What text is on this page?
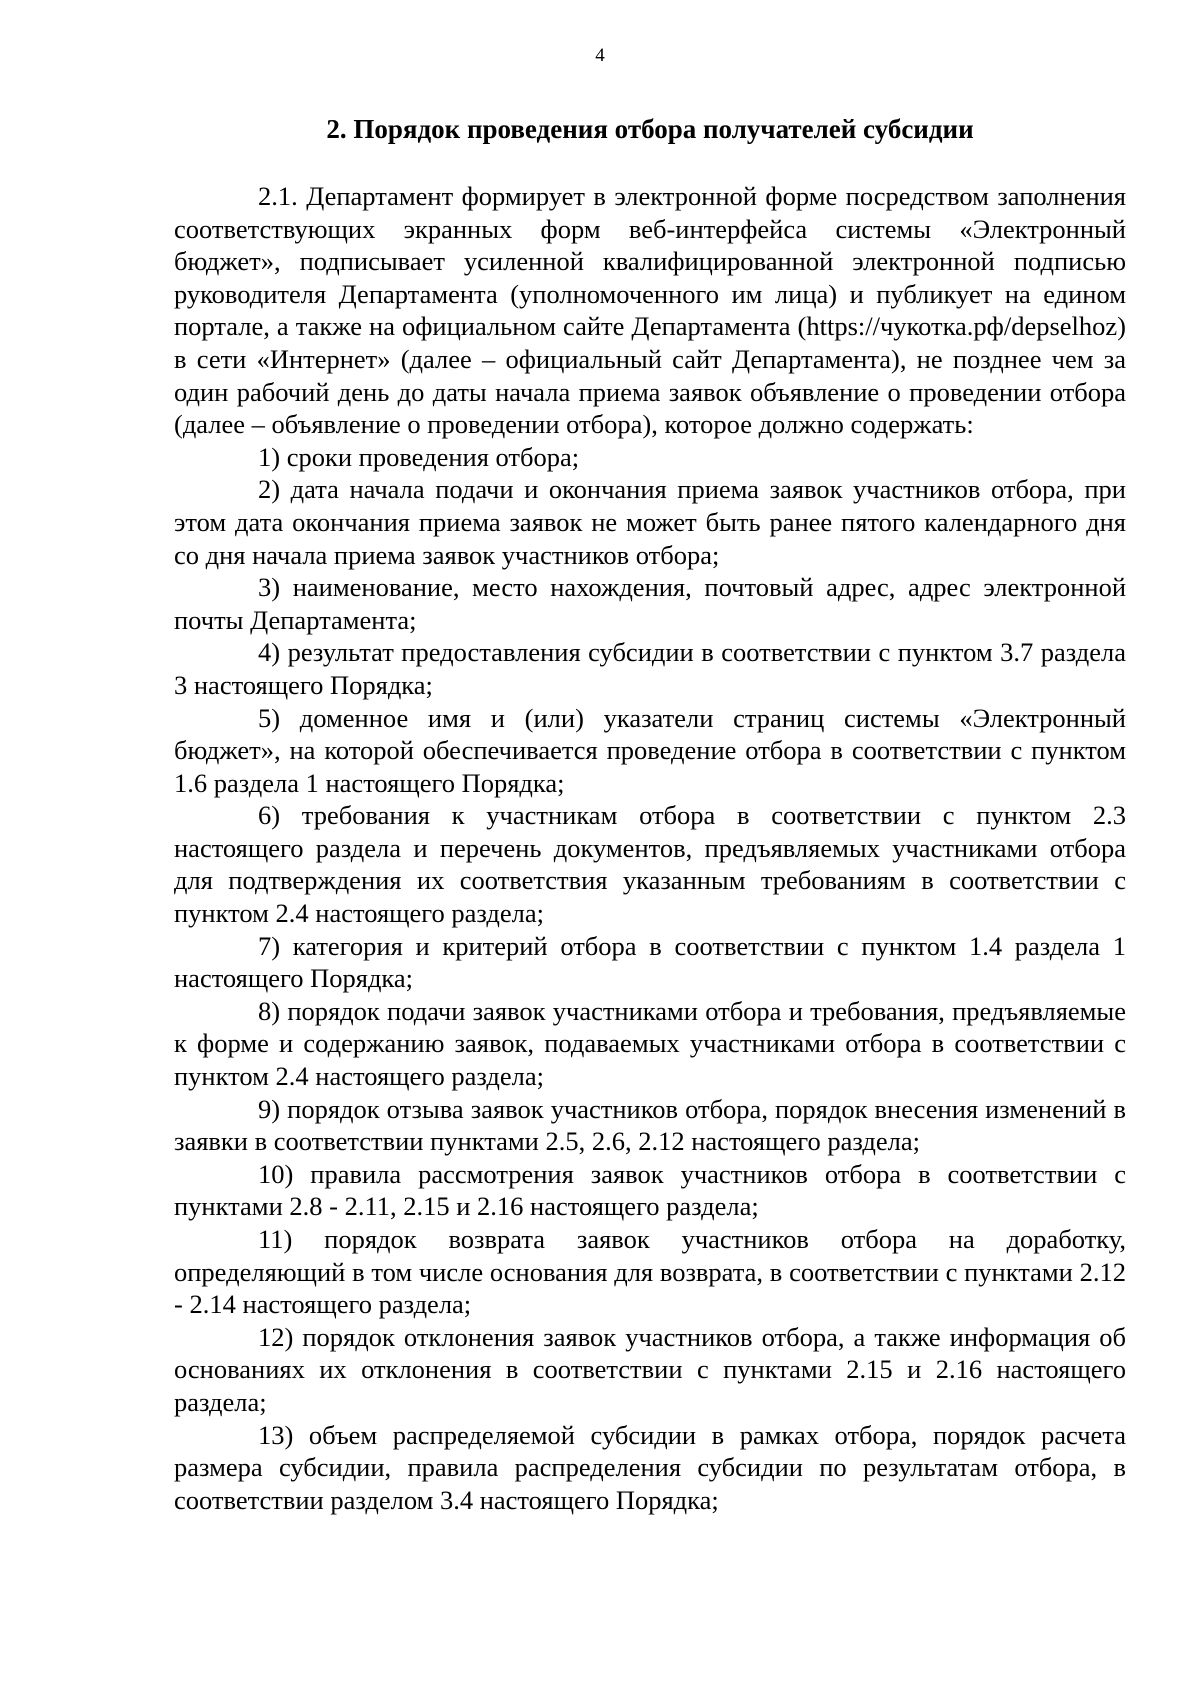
4
2. Порядок проведения отбора получателей субсидии

2.1. Департамент формирует в электронной форме посредством заполнения соответствующих экранных форм веб-интерфейса системы «Электронный бюджет», подписывает усиленной квалифицированной электронной подписью руководителя Департамента (уполномоченного им лица) и публикует на едином портале, а также на официальном сайте Департамента (https://чукотка.рф/depselhoz) в сети «Интернет» (далее – официальный сайт Департамента), не позднее чем за один рабочий день до даты начала приема заявок объявление о проведении отбора (далее – объявление о проведении отбора), которое должно содержать:

1) сроки проведения отбора;

2) дата начала подачи и окончания приема заявок участников отбора, при этом дата окончания приема заявок не может быть ранее пятого календарного дня со дня начала приема заявок участников отбора;

3) наименование, место нахождения, почтовый адрес, адрес электронной почты Департамента;

4) результат предоставления субсидии в соответствии с пунктом 3.7 раздела 3 настоящего Порядка;

5) доменное имя и (или) указатели страниц системы «Электронный бюджет», на которой обеспечивается проведение отбора в соответствии с пунктом 1.6 раздела 1 настоящего Порядка;

6) требования к участникам отбора в соответствии с пунктом 2.3 настоящего раздела и перечень документов, предъявляемых участниками отбора для подтверждения их соответствия указанным требованиям в соответствии с пунктом 2.4 настоящего раздела;

7) категория и критерий отбора в соответствии с пунктом 1.4 раздела 1 настоящего Порядка;

8) порядок подачи заявок участниками отбора и требования, предъявляемые к форме и содержанию заявок, подаваемых участниками отбора в соответствии с пунктом 2.4 настоящего раздела;

9) порядок отзыва заявок участников отбора, порядок внесения изменений в заявки в соответствии пунктами 2.5, 2.6, 2.12 настоящего раздела;

10) правила рассмотрения заявок участников отбора в соответствии с пунктами 2.8 - 2.11, 2.15 и 2.16 настоящего раздела;

11) порядок возврата заявок участников отбора на доработку, определяющий в том числе основания для возврата, в соответствии с пунктами 2.12 - 2.14 настоящего раздела;

12) порядок отклонения заявок участников отбора, а также информация об основаниях их отклонения в соответствии с пунктами 2.15 и 2.16 настоящего раздела;

13) объем распределяемой субсидии в рамках отбора, порядок расчета размера субсидии, правила распределения субсидии по результатам отбора, в соответствии разделом 3.4 настоящего Порядка;
